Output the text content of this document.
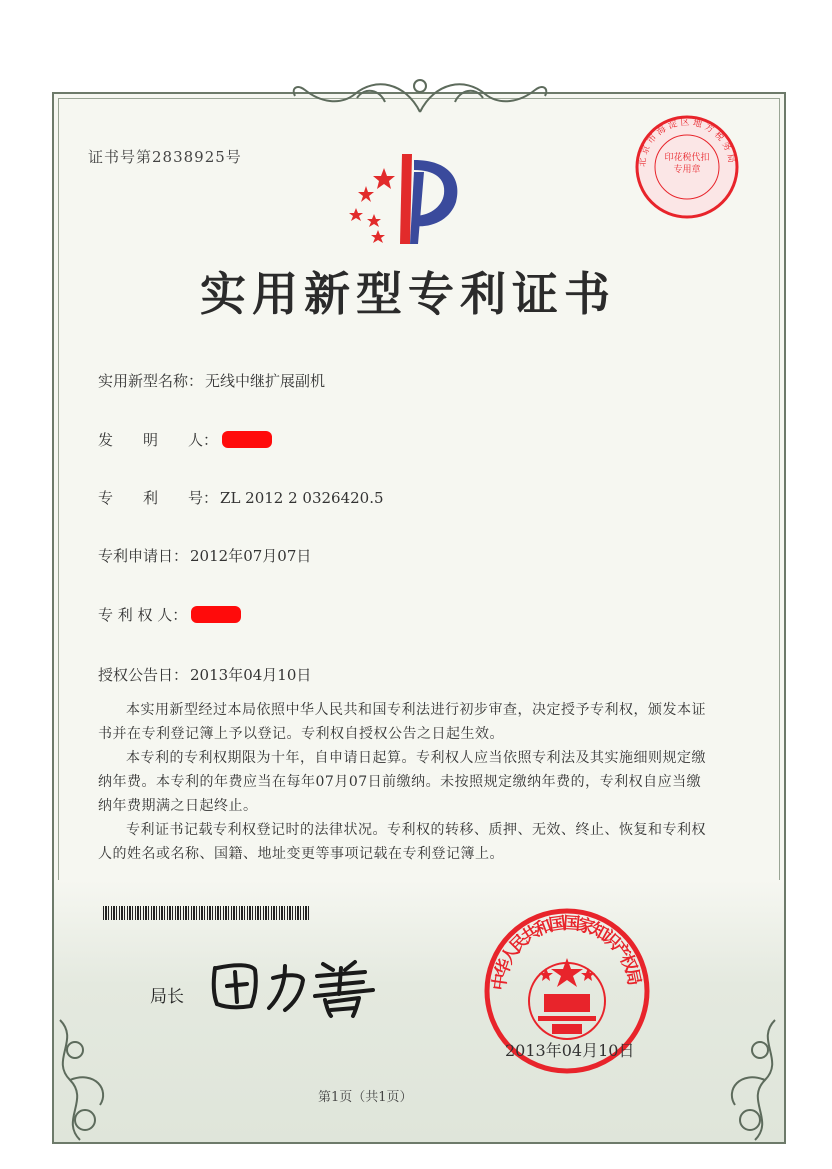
证书号第2838925号
实用新型专利证书
实用新型名称： 无线中继扩展副机
发　　明　　人：
专　　利　　号： ZL 2012 2 0326420.5
专利申请日： 2012年07月07日
专 利 权 人：
授权公告日： 2013年04月10日

本实用新型经过本局依照中华人民共和国专利法进行初步审查，决定授予专利权，颁发本证书并在专利登记簿上予以登记。专利权自授权公告之日起生效。

本专利的专利权期限为十年，自申请日起算。专利权人应当依照专利法及其实施细则规定缴纳年费。本专利的年费应当在每年07月07日前缴纳。未按照规定缴纳年费的，专利权自应当缴纳年费期满之日起终止。

专利证书记载专利权登记时的法律状况。专利权的转移、质押、无效、终止、恢复和专利权人的姓名或名称、国籍、地址变更等事项记载在专利登记簿上。

局长
中华人民共和国国家知识产权局
2013年04月10日
北京市海淀区地方税务局
印花税代扣专用章
第1页（共1页）
